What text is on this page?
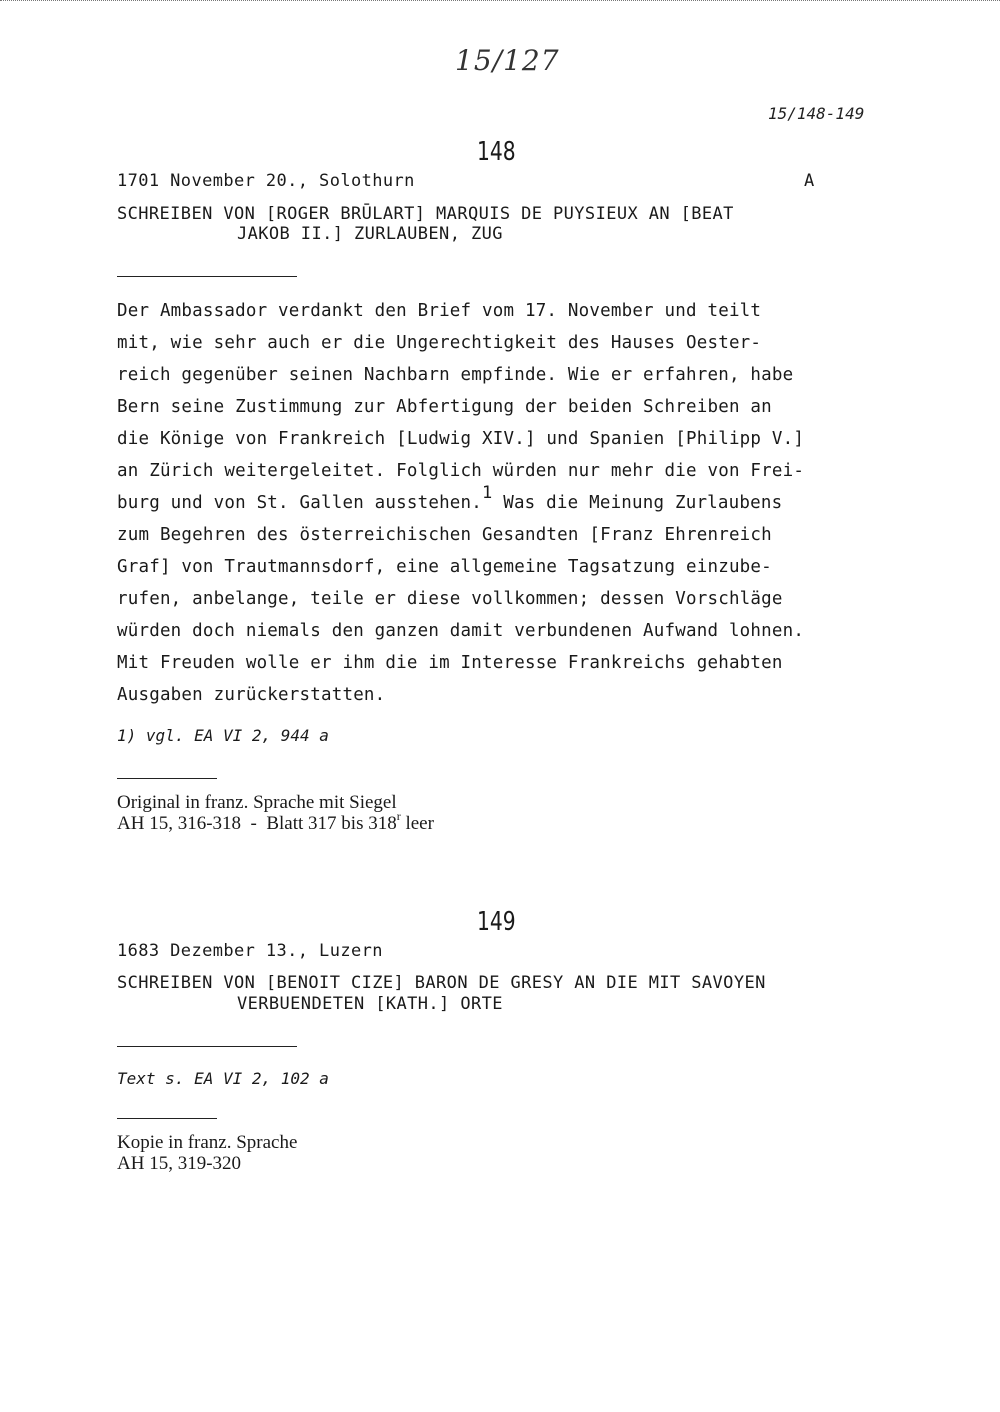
15/127
15/148-149
148
1701 November 20., Solothurn	A
SCHREIBEN VON [ROGER BRŪLART] MARQUIS DE PUYSIEUX AN [BEAT
JAKOB II.] ZURLAUBEN, ZUG
Der Ambassador verdankt den Brief vom 17. November und teilt
mit, wie sehr auch er die Ungerechtigkeit des Hauses Oester-
reich gegenüber seinen Nachbarn empfinde. Wie er erfahren, habe
Bern seine Zustimmung zur Abfertigung der beiden Schreiben an
die Könige von Frankreich [Ludwig XIV.] und Spanien [Philipp V.]
an Zürich weitergeleitet. Folglich würden nur mehr die von Frei-
burg und von St. Gallen ausstehen.1 Was die Meinung Zurlaubens
zum Begehren des österreichischen Gesandten [Franz Ehrenreich
Graf] von Trautmannsdorf, eine allgemeine Tagsatzung einzube-
rufen, anbelange, teile er diese vollkommen; dessen Vorschläge
würden doch niemals den ganzen damit verbundenen Aufwand lohnen.
Mit Freuden wolle er ihm die im Interesse Frankreichs gehabten
Ausgaben zurückerstatten.
1) vgl. EA VI 2, 944 a
Original in franz. Sprache mit Siegel
AH 15, 316-318  -  Blatt 317 bis 318$^r$ leer
149
1683 Dezember 13., Luzern
SCHREIBEN VON [BENOIT CIZE] BARON DE GRESY AN DIE MIT SAVOYEN
VERBUENDETEN [KATH.] ORTE
Text s. EA VI 2, 102 a
Kopie in franz. Sprache
AH 15, 319-320
